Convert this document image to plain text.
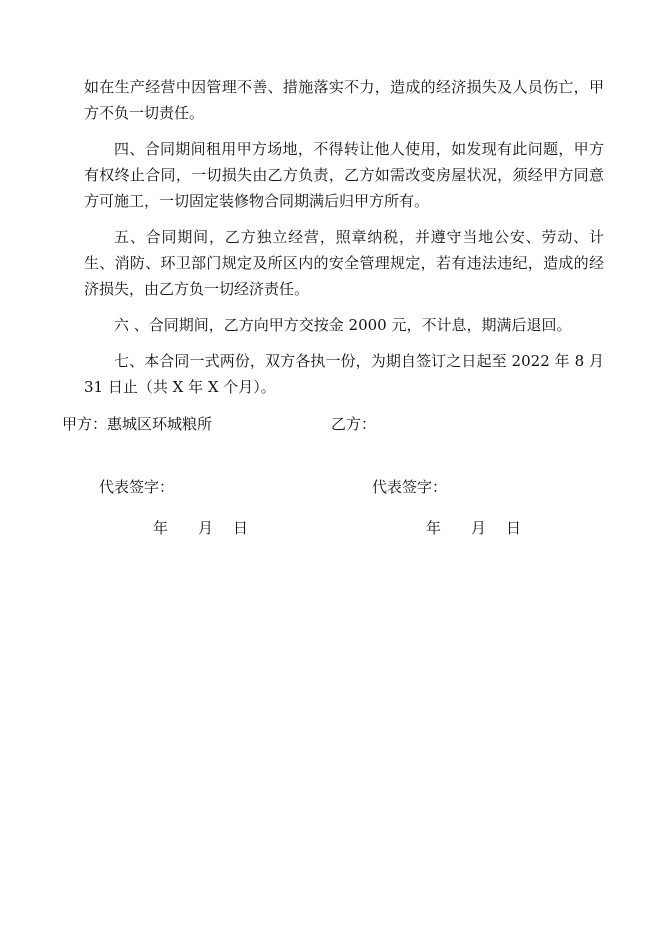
如在生产经营中因管理不善、措施落实不力，造成的经济损失及人员伤亡，甲方不负一切责任。

四、合同期间租用甲方场地，不得转让他人使用，如发现有此问题，甲方有权终止合同，一切损失由乙方负责，乙方如需改变房屋状况，须经甲方同意方可施工，一切固定装修物合同期满后归甲方所有。

五、合同期间，乙方独立经营，照章纳税，并遵守当地公安、劳动、计生、消防、环卫部门规定及所区内的安全管理规定，若有违法违纪，造成的经济损失，由乙方负一切经济责任。

六 、合同期间，乙方向甲方交按金 2000 元，不计息，期满后退回。

七、本合同一式两份，双方各执一份，为期自签订之日起至 2022 年 8 月 31 日止（共 X 年 X 个月）。

甲方：惠城区环城粮所	乙方：
代表签字：	代表签字：
年 月 日	年 月 日
